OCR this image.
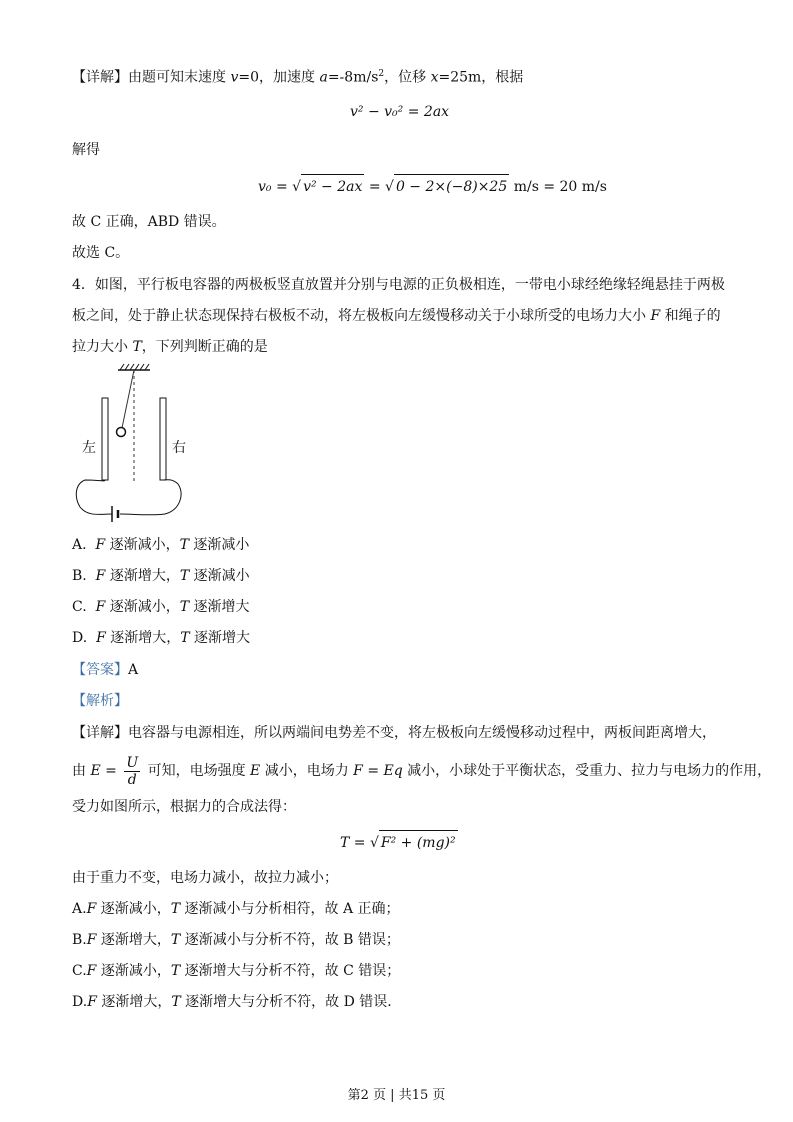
【详解】由题可知末速度 v=0，加速度 $a=-8m/s^2$，位移 x=25m，根据
v² − v₀² = 2ax
解得
v₀ = √ v² − 2ax = √ 0 − 2×(−8)×25 m/s = 20 m/s
故 C 正确，ABD 错误。
故选 C。
4．如图，平行板电容器的两极板竖直放置并分别与电源的正负极相连，一带电小球经绝缘轻绳悬挂于两极
板之间，处于静止状态现保持右极板不动，将左极板向左缓慢移动关于小球所受的电场力大小 F 和绳子的
拉力大小 T，下列判断正确的是
左	右
A. F 逐渐减小，T 逐渐减小
B. F 逐渐增大，T 逐渐减小
C. F 逐渐减小，T 逐渐增大
D. F 逐渐增大，T 逐渐增大
【答案】A
【解析】
【详解】电容器与电源相连，所以两端间电势差不变，将左极板向左缓慢移动过程中，两板间距离增大，
由 $E = \frac{U}{d}$ 可知，电场强度 E 减小，电场力 F = Eq 减小，小球处于平衡状态，受重力、拉力与电场力的作用，
受力如图所示，根据力的合成法得：
T = √ F² + (mg)²
由于重力不变，电场力减小，故拉力减小；
A.F 逐渐减小，T 逐渐减小与分析相符，故 A 正确；
B.F 逐渐增大，T 逐渐减小与分析不符，故 B 错误；
C.F 逐渐减小，T 逐渐增大与分析不符，故 C 错误；
D.F 逐渐增大，T 逐渐增大与分析不符，故 D 错误.
第2 页 | 共15 页
